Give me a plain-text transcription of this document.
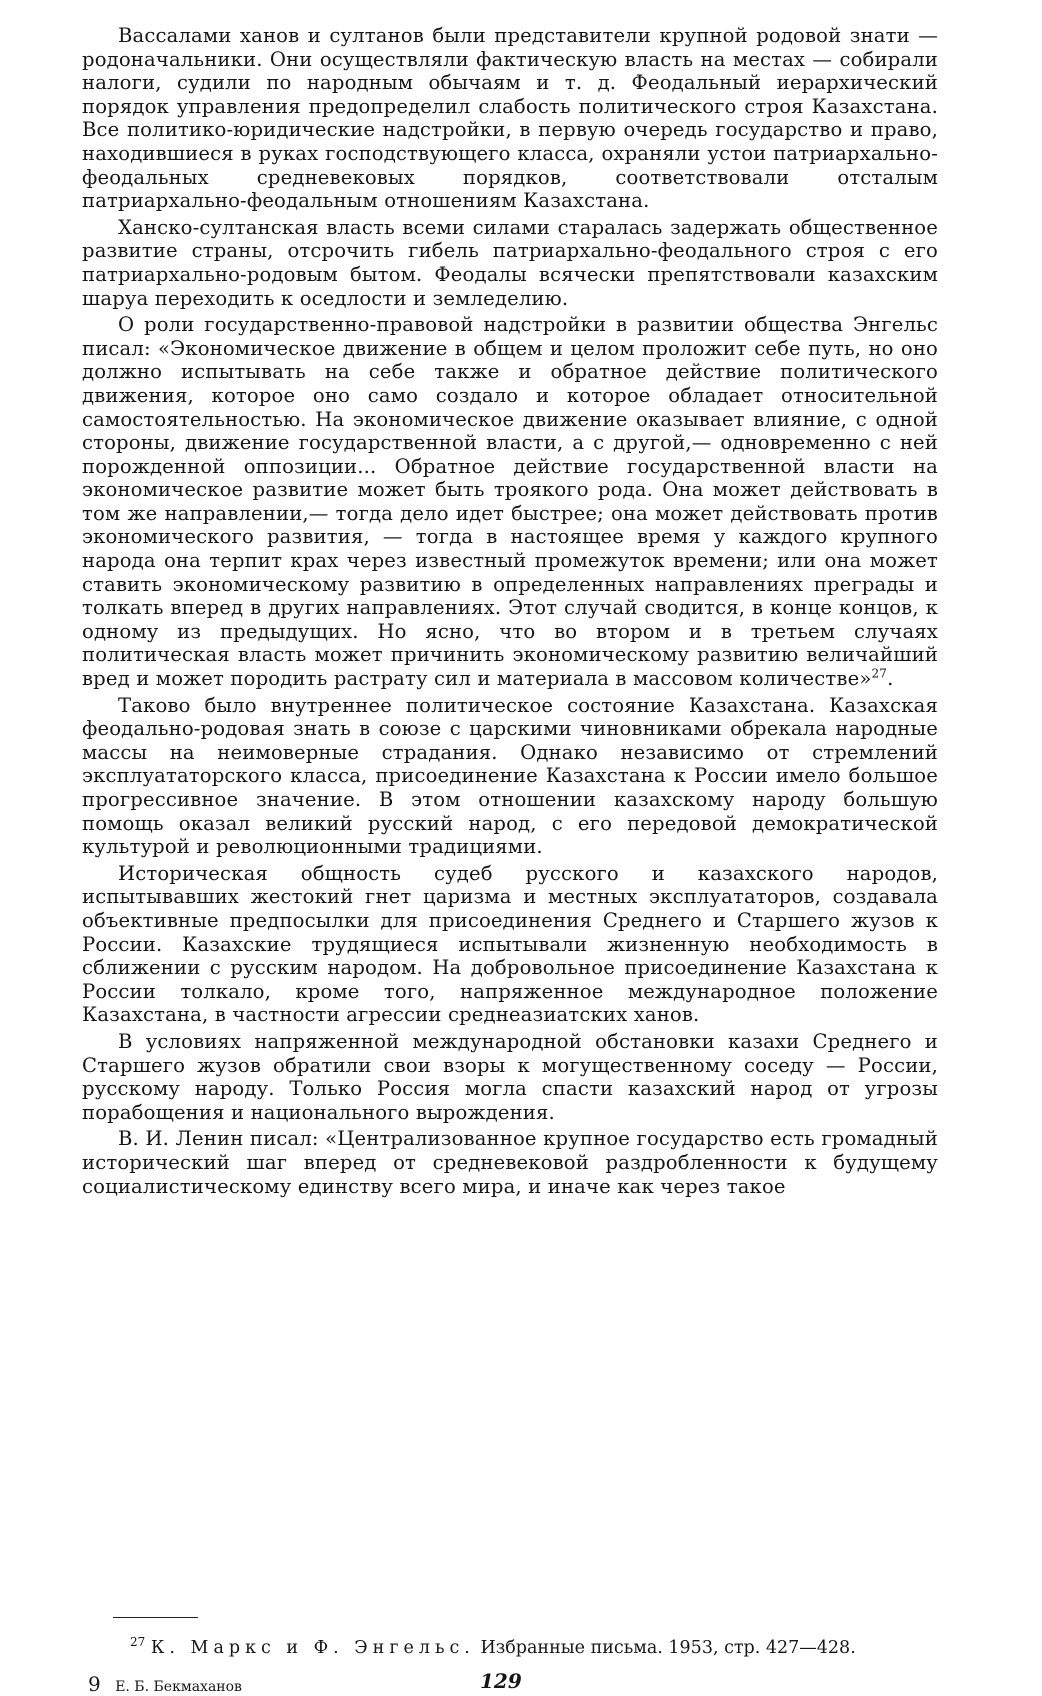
Вассалами ханов и султанов были представители крупной родовой знати — родоначальники. Они осуществляли фактическую власть на местах — собирали налоги, судили по народным обычаям и т. д. Феодальный иерархический порядок управления предопределил слабость политического строя Казахстана. Все политико-юридические надстройки, в первую очередь государство и право, находившиеся в руках господствующего класса, охраняли устои патриархально-феодальных средневековых порядков, соответствовали отсталым патриархально-феодальным отношениям Казахстана.

Ханско-султанская власть всеми силами старалась задержать общественное развитие страны, отсрочить гибель патриархально-феодального строя с его патриархально-родовым бытом. Феодалы всячески препятствовали казахским шаруа переходить к оседлости и земледелию.

О роли государственно-правовой надстройки в развитии общества Энгельс писал: «Экономическое движение в общем и целом проложит себе путь, но оно должно испытывать на себе также и обратное действие политического движения, которое оно само создало и которое обладает относительной самостоятельностью. На экономическое движение оказывает влияние, с одной стороны, движение государственной власти, а с другой,— одновременно с ней порожденной оппозиции... Обратное действие государственной власти на экономическое развитие может быть троякого рода. Она может действовать в том же направлении,— тогда дело идет быстрее; она может действовать против экономического развития, — тогда в настоящее время у каждого крупного народа она терпит крах через известный промежуток времени; или она может ставить экономическому развитию в определенных направлениях преграды и толкать вперед в других направлениях. Этот случай сводится, в конце концов, к одному из предыдущих. Но ясно, что во втором и в третьем случаях политическая власть может причинить экономическому развитию величайший вред и может породить растрату сил и материала в массовом количестве»$^{27}$.

Таково было внутреннее политическое состояние Казахстана. Казахская феодально-родовая знать в союзе с царскими чиновниками обрекала народные массы на неимоверные страдания. Однако независимо от стремлений эксплуататорского класса, присоединение Казахстана к России имело большое прогрессивное значение. В этом отношении казахскому народу большую помощь оказал великий русский народ, с его передовой демократической культурой и революционными традициями.

Историческая общность судеб русского и казахского народов, испытывавших жестокий гнет царизма и местных эксплуататоров, создавала объективные предпосылки для присоединения Среднего и Старшего жузов к России. Казахские трудящиеся испытывали жизненную необходимость в сближении с русским народом. На добровольное присоединение Казахстана к России толкало, кроме того, напряженное международное положение Казахстана, в частности агрессии среднеазиатских ханов.

В условиях напряженной международной обстановки казахи Среднего и Старшего жузов обратили свои взоры к могущественному соседу — России, русскому народу. Только Россия могла спасти казахский народ от угрозы порабощения и национального вырождения.

В. И. Ленин писал: «Централизованное крупное государство есть громадный исторический шаг вперед от средневековой раздробленности к будущему социалистическому единству всего мира, и иначе как через такое

$^{27}$ К. Маркс и Ф. Энгельс. Избранные письма. 1953, стр. 427—428.
9 Е. Б. Бекмаханов	129
